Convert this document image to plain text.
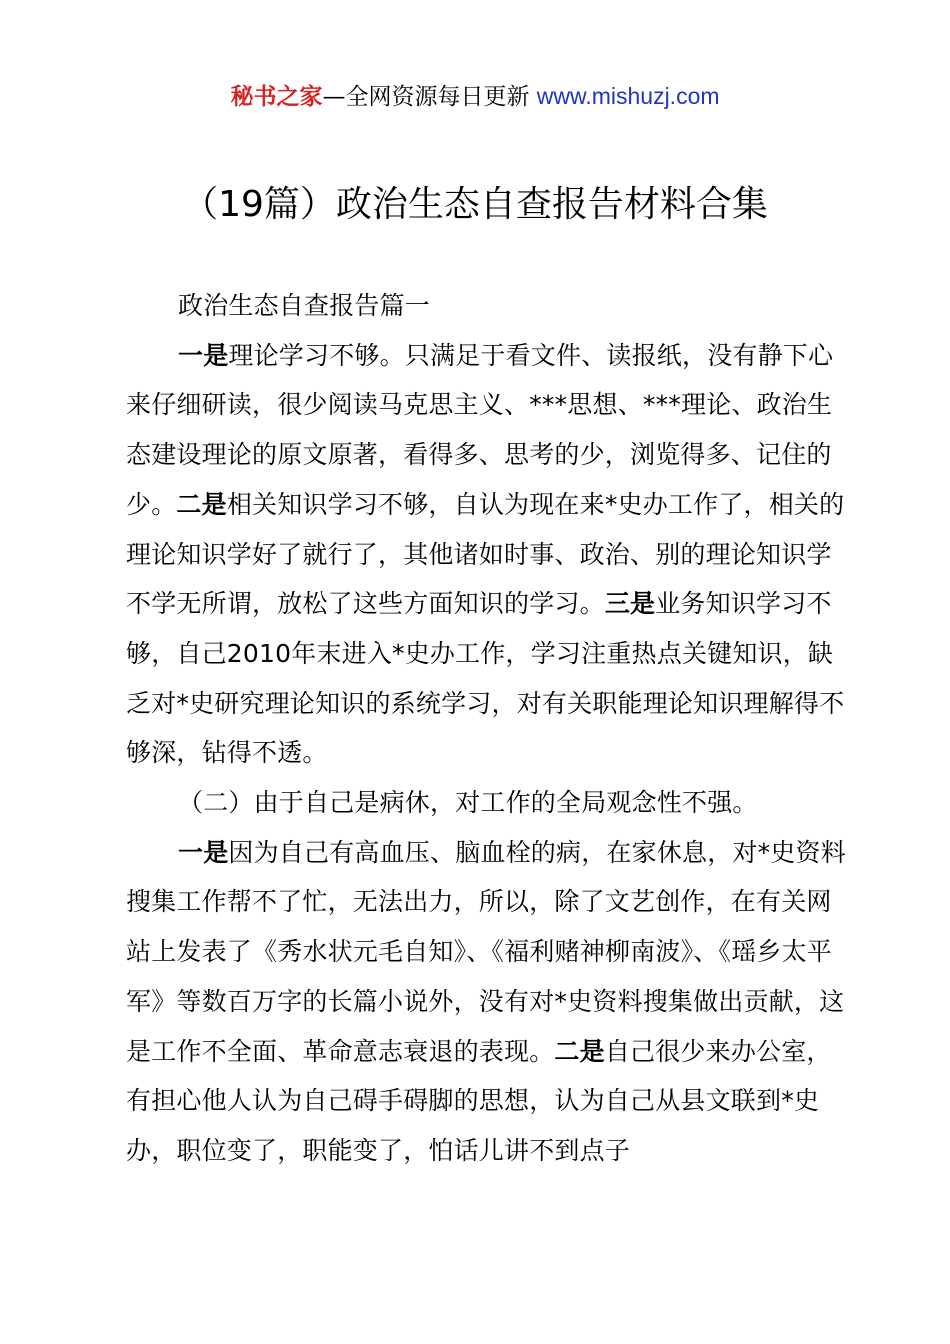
秘书之家—全网资源每日更新 www.mishuzj.com
（19篇）政治生态自查报告材料合集

政治生态自查报告篇一

一是理论学习不够。只满足于看文件、读报纸，没有静下心来仔细研读，很少阅读马克思主义、***思想、***理论、政治生态建设理论的原文原著，看得多、思考的少，浏览得多、记住的少。二是相关知识学习不够，自认为现在来*史办工作了，相关的理论知识学好了就行了，其他诸如时事、政治、别的理论知识学不学无所谓，放松了这些方面知识的学习。三是业务知识学习不够，自己2010年末进入*史办工作，学习注重热点关键知识，缺乏对*史研究理论知识的系统学习，对有关职能理论知识理解得不够深，钻得不透。

（二）由于自己是病休，对工作的全局观念性不强。

一是因为自己有高血压、脑血栓的病，在家休息，对*史资料搜集工作帮不了忙，无法出力，所以，除了文艺创作，在有关网站上发表了《秀水状元毛自知》、《福利赌神柳南波》、《瑶乡太平军》等数百万字的长篇小说外，没有对*史资料搜集做出贡献，这是工作不全面、革命意志衰退的表现。二是自己很少来办公室，有担心他人认为自己碍手碍脚的思想，认为自己从县文联到*史办，职位变了，职能变了，怕话儿讲不到点子
